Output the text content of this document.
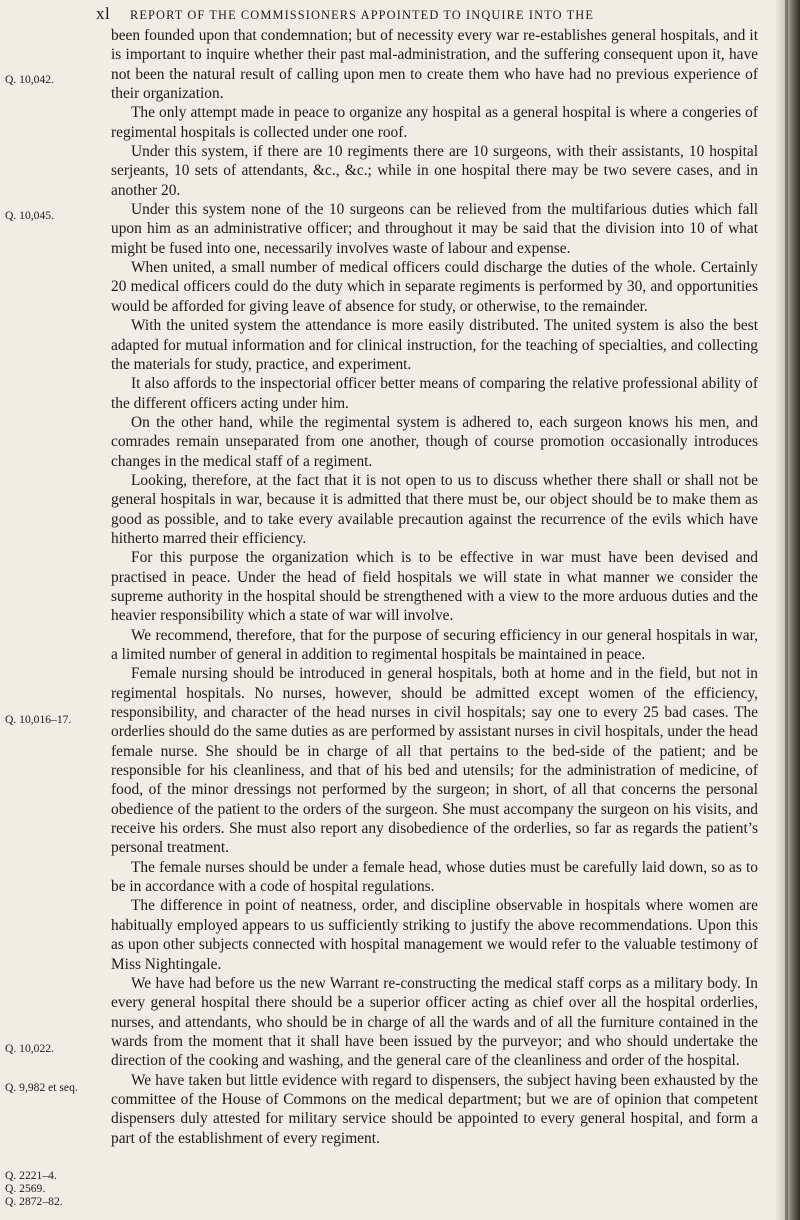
xl REPORT OF THE COMMISSIONERS APPOINTED TO INQUIRE INTO THE
Q. 10,042.
Q. 10,045.
Q. 10,016–17.
Q. 10,022.
Q. 9,982 et seq.
Q. 2221–4.
Q. 2569.
Q. 2872–82.

been founded upon that condemnation; but of necessity every war re-establishes general hospitals, and it is important to inquire whether their past mal-administration, and the suffering consequent upon it, have not been the natural result of calling upon men to create them who have had no previous experience of their organization.

The only attempt made in peace to organize any hospital as a general hospital is where a congeries of regimental hospitals is collected under one roof.

Under this system, if there are 10 regiments there are 10 surgeons, with their assistants, 10 hospital serjeants, 10 sets of attendants, &c., &c.; while in one hospital there may be two severe cases, and in another 20.

Under this system none of the 10 surgeons can be relieved from the multifarious duties which fall upon him as an administrative officer; and throughout it may be said that the division into 10 of what might be fused into one, necessarily involves waste of labour and expense.

When united, a small number of medical officers could discharge the duties of the whole. Certainly 20 medical officers could do the duty which in separate regiments is performed by 30, and opportunities would be afforded for giving leave of absence for study, or otherwise, to the remainder.

With the united system the attendance is more easily distributed. The united system is also the best adapted for mutual information and for clinical instruction, for the teaching of specialties, and collecting the materials for study, practice, and experiment.

It also affords to the inspectorial officer better means of comparing the relative professional ability of the different officers acting under him.

On the other hand, while the regimental system is adhered to, each surgeon knows his men, and comrades remain unseparated from one another, though of course promotion occasionally introduces changes in the medical staff of a regiment.

Looking, therefore, at the fact that it is not open to us to discuss whether there shall or shall not be general hospitals in war, because it is admitted that there must be, our object should be to make them as good as possible, and to take every available precaution against the recurrence of the evils which have hitherto marred their efficiency.

For this purpose the organization which is to be effective in war must have been devised and practised in peace. Under the head of field hospitals we will state in what manner we consider the supreme authority in the hospital should be strengthened with a view to the more arduous duties and the heavier responsibility which a state of war will involve.

We recommend, therefore, that for the purpose of securing efficiency in our general hospitals in war, a limited number of general in addition to regimental hospitals be maintained in peace.

Female nursing should be introduced in general hospitals, both at home and in the field, but not in regimental hospitals. No nurses, however, should be admitted except women of the efficiency, responsibility, and character of the head nurses in civil hospitals; say one to every 25 bad cases. The orderlies should do the same duties as are performed by assistant nurses in civil hospitals, under the head female nurse. She should be in charge of all that pertains to the bed-side of the patient; and be responsible for his cleanliness, and that of his bed and utensils; for the administration of medicine, of food, of the minor dressings not performed by the surgeon; in short, of all that concerns the personal obedience of the patient to the orders of the surgeon. She must accompany the surgeon on his visits, and receive his orders. She must also report any disobedience of the orderlies, so far as regards the patient’s personal treatment.

The female nurses should be under a female head, whose duties must be carefully laid down, so as to be in accordance with a code of hospital regulations.

The difference in point of neatness, order, and discipline observable in hospitals where women are habitually employed appears to us sufficiently striking to justify the above recommendations. Upon this as upon other subjects connected with hospital management we would refer to the valuable testimony of Miss Nightingale.

We have had before us the new Warrant re-constructing the medical staff corps as a military body. In every general hospital there should be a superior officer acting as chief over all the hospital orderlies, nurses, and attendants, who should be in charge of all the wards and of all the furniture contained in the wards from the moment that it shall have been issued by the purveyor; and who should undertake the direction of the cooking and washing, and the general care of the cleanliness and order of the hospital.

We have taken but little evidence with regard to dispensers, the subject having been exhausted by the committee of the House of Commons on the medical department; but we are of opinion that competent dispensers duly attested for military service should be appointed to every general hospital, and form a part of the establishment of every regiment.
